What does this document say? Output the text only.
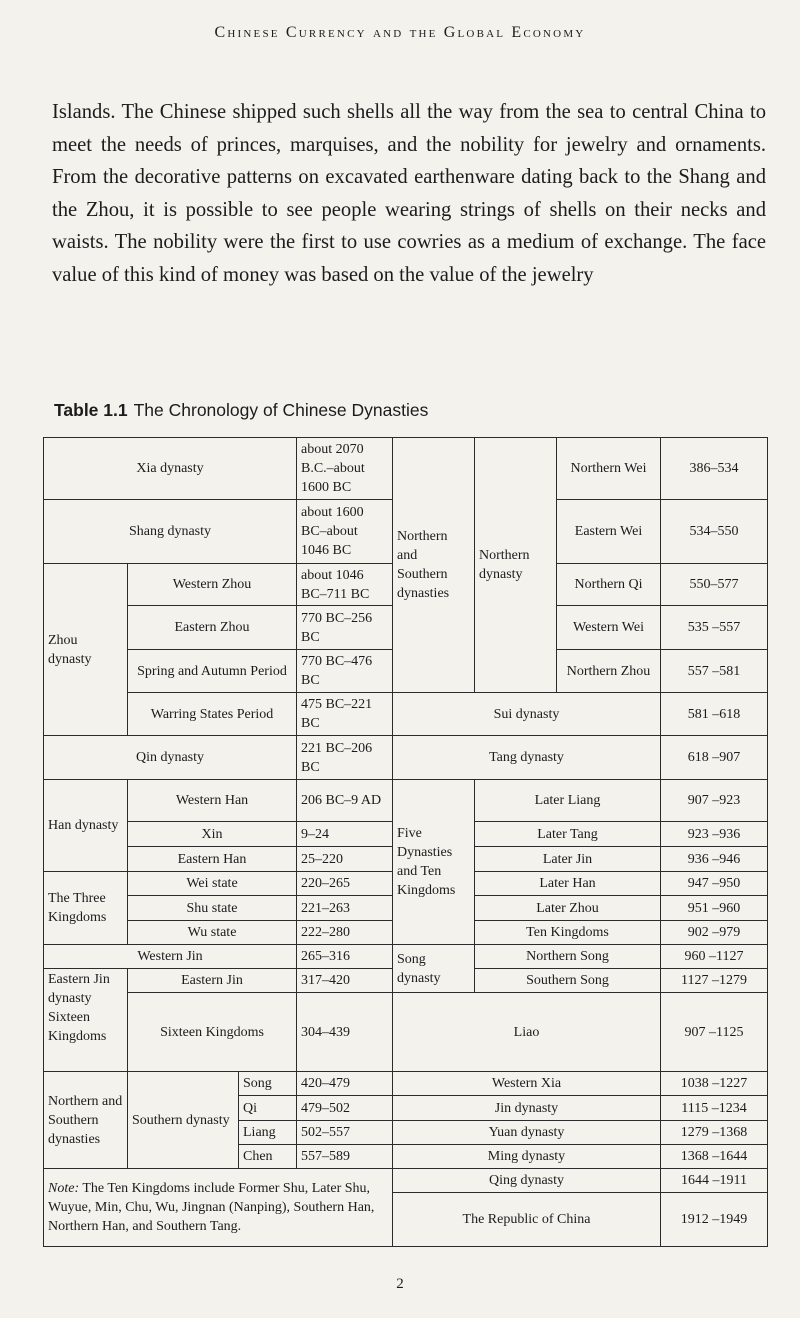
Chinese Currency and the Global Economy

Islands. The Chinese shipped such shells all the way from the sea to central China to meet the needs of princes, marquises, and the nobility for jewelry and ornaments. From the decorative patterns on excavated earthenware dating back to the Shang and the Zhou, it is possible to see people wearing strings of shells on their necks and waists. The nobility were the first to use cowries as a medium of exchange. The face value of this kind of money was based on the value of the jewelry

Table 1.1 The Chronology of Chinese Dynasties
Xia dynasty			about 2070 B.C.–about 1600 BC	Northern and Southern dynasties	Northern dynasty	Northern Wei	386–534
Shang dynasty			about 1600 BC–about 1046 BC			Eastern Wei	534–550
Zhou dynasty	Western Zhou		about 1046 BC–711 BC			Northern Qi	550–577
	Eastern Zhou		770 BC–256 BC			Western Wei	535 –557
	Spring and Autumn Period		770 BC–476 BC			Northern Zhou	557 –581
	Warring States Period		475 BC–221 BC	Sui dynasty			581 –618
Qin dynasty			221 BC–206 BC	Tang dynasty			618 –907
Han dynasty	Western Han		206 BC–9 AD	Five Dynasties and Ten Kingdoms	Later Liang		907 –923
	Xin		9–24		Later Tang		923 –936
	Eastern Han		25–220		Later Jin		936 –946
The Three Kingdoms	Wei state		220–265		Later Han		947 –950
	Shu state		221–263		Later Zhou		951 –960
	Wu state		222–280		Ten Kingdoms		902 –979
Western Jin			265–316	Song dynasty	Northern Song		960 –1127
Eastern Jin dynasty Sixteen Kingdoms	Eastern Jin		317–420		Southern Song		1127 –1279
	Sixteen Kingdoms		304–439	Liao			907 –1125
Northern and Southern dynasties	Southern dynasty	Song	420–479	Western Xia			1038 –1227
		Qi	479–502	Jin dynasty			1115 –1234
		Liang	502–557	Yuan dynasty			1279 –1368
		Chen	557–589	Ming dynasty			1368 –1644
Note: The Ten Kingdoms include Former Shu, Later Shu, Wuyue, Min, Chu, Wu, Jingnan (Nanping), Southern Han, Northern Han, and Southern Tang.				Qing dynasty			1644 –1911
				The Republic of China			1912 –1949
2
